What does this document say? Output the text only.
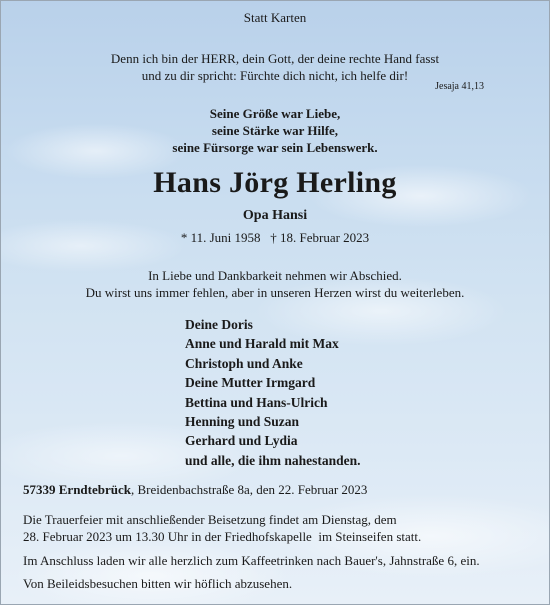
Statt Karten
Denn ich bin der HERR, dein Gott, der deine rechte Hand fasst
und zu dir spricht: Fürchte dich nicht, ich helfe dir!
Jesaja 41,13
Seine Größe war Liebe,
seine Stärke war Hilfe,
seine Fürsorge war sein Lebenswerk.
Hans Jörg Herling
Opa Hansi
* 11. Juni 1958   † 18. Februar 2023
In Liebe und Dankbarkeit nehmen wir Abschied.
Du wirst uns immer fehlen, aber in unseren Herzen wirst du weiterleben.
Deine Doris
Anne und Harald mit Max
Christoph und Anke
Deine Mutter Irmgard
Bettina und Hans-Ulrich
Henning und Suzan
Gerhard und Lydia
und alle, die ihm nahestanden.
57339 Erndtebrück, Breidenbachstraße 8a, den 22. Februar 2023
Die Trauerfeier mit anschließender Beisetzung findet am Dienstag, dem
28. Februar 2023 um 13.30 Uhr in der Friedhofskapelle  im Steinseifen statt.
Im Anschluss laden wir alle herzlich zum Kaffeetrinken nach Bauer's, Jahnstraße 6, ein.
Von Beileidsbesuchen bitten wir höflich abzusehen.
